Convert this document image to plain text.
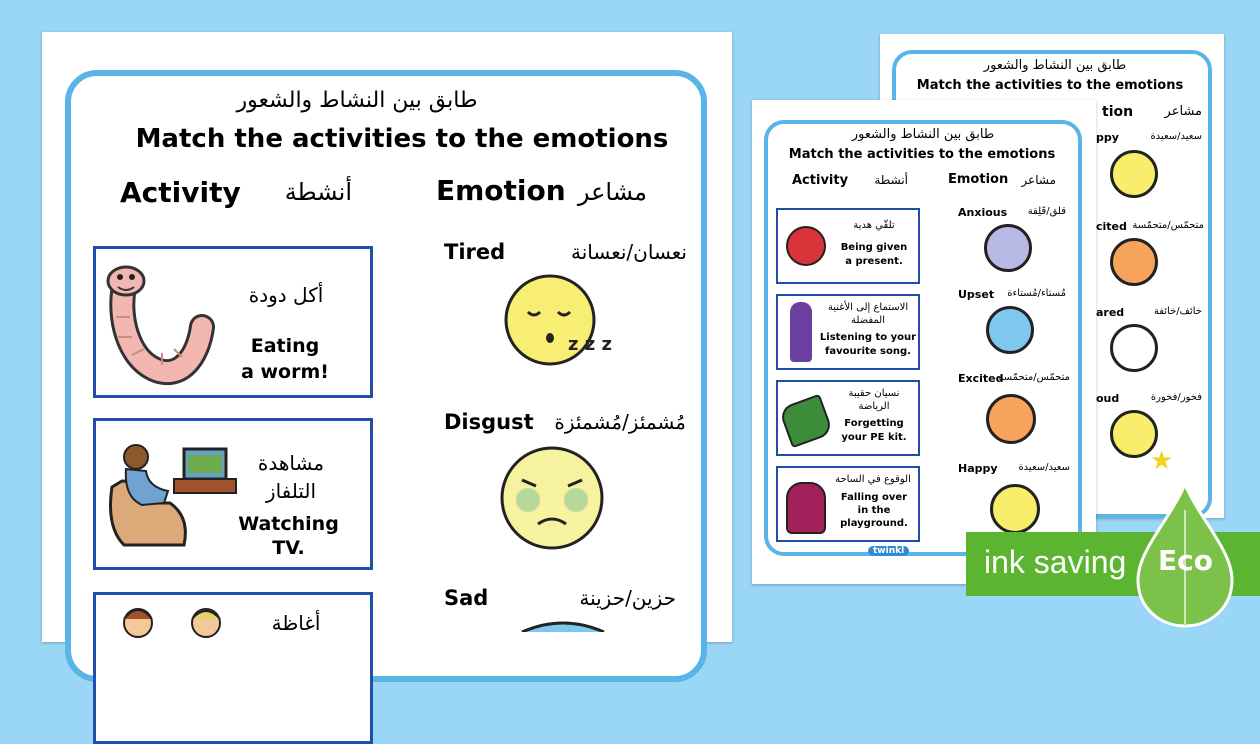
طابق بين النشاط والشعور
Match the activities to the emotions
Activity	أنشطة	Emotion مشاعر
أكل دودة
Eating
a worm!
مشاهدة
التلفاز
Watching
TV.
أغاظة
Tired	نعسان/نعسانة
z z z
Disgust	مُشمئز/مُشمئزة
Sad	حزين/حزينة
طابق بين النشاط والشعور
Match the activities to the emotions
tion	مشاعر
ppy	سعيد/سعيدة
cited متحمّس/متحمّسة
ared	خائف/خائفة
oud	فخور/فخورة
★
طابق بين النشاط والشعور
Match the activities to the emotions
Activity	أنشطة	Emotion	مشاعر
تلقّي هدية
Being given
a present.
الاستماع إلى الأغنية
المفضلة
Listening to your
favourite song.
نسيان حقيبة
الرياضة
Forgetting
your PE kit.
الوقوع في الساحة
Falling over
in the
playground.
Anxious	قلق/قَلِقة
Upset	مُستاء/مُستاءة
Excited
متحمّس/متحمّسة
Happy	سعيد/سعيدة
twinkl ink saving Eco
